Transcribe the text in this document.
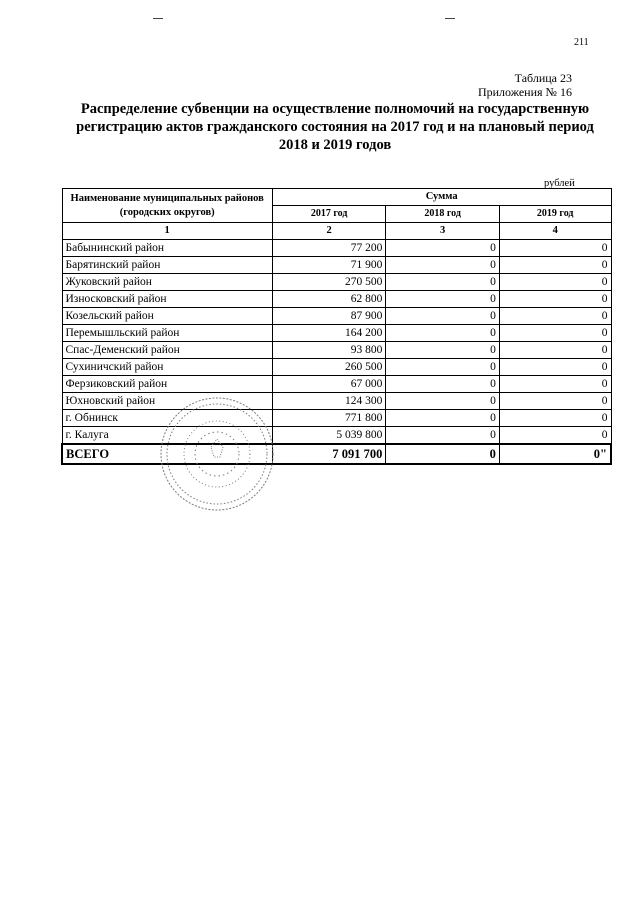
211
Таблица 23
Приложения № 16
Распределение субвенции на осуществление полномочий на государственную регистрацию актов гражданского состояния на 2017 год и на плановый период 2018 и 2019 годов
рублей
Наименование муниципальных районов (городских округов)	Сумма		
	2017 год	2018 год	2019 год
1	2	3	4
Бабынинский район	77 200	0	0
Барятинский район	71 900	0	0
Жуковский район	270 500	0	0
Износковский район	62 800	0	0
Козельский район	87 900	0	0
Перемышльский район	164 200	0	0
Спас-Деменский район	93 800	0	0
Сухиничский район	260 500	0	0
Ферзиковский район	67 000	0	0
Юхновский район	124 300	0	0
г. Обнинск	771 800	0	0
г. Калуга	5 039 800	0	0
ВСЕГО	7 091 700	0	0"
